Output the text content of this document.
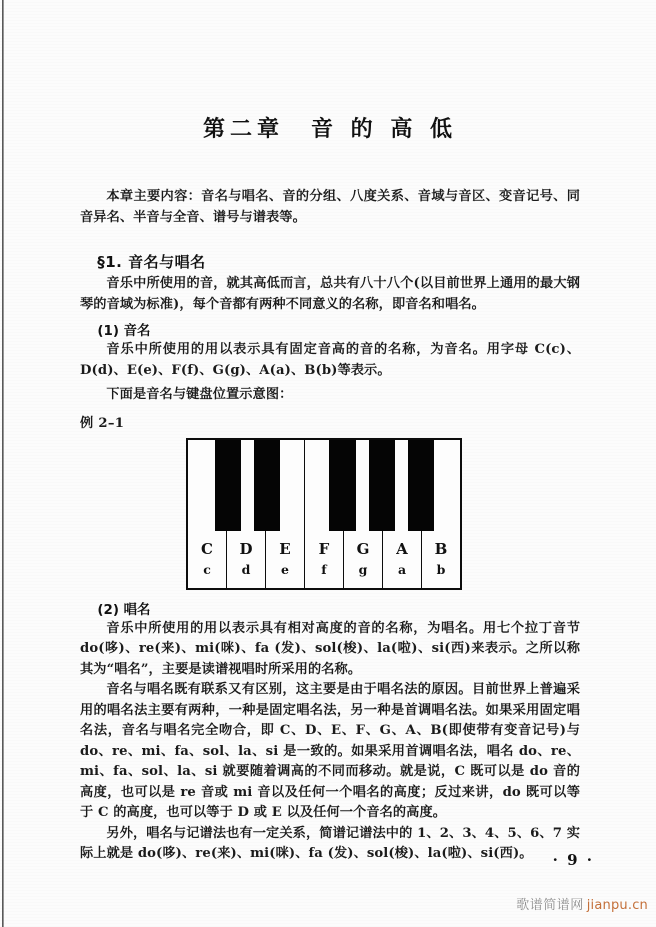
第二章　音 的 高 低

本章主要内容：音名与唱名、音的分组、八度关系、音域与音区、变音记号、同音异名、半音与全音、谱号与谱表等。

§1. 音名与唱名

音乐中所使用的音，就其高低而言，总共有八十八个(以目前世界上通用的最大钢琴的音域为标准)，每个音都有两种不同意义的名称，即音名和唱名。

(1) 音名

音乐中所使用的用以表示具有固定音高的音的名称，为音名。用字母 C(c)、D(d)、E(e)、F(f)、G(g)、A(a)、B(b)等表示。

下面是音名与键盘位置示意图：

例 2–1
C
c
D
d
E
e
F
f
G
g
A
a
B
b
(2) 唱名

音乐中所使用的用以表示具有相对高度的音的名称，为唱名。用七个拉丁音节 do(哆)、re(来)、mi(咪)、fa (发)、sol(梭)、la(啦)、si(西)来表示。之所以称其为“唱名”，主要是读谱视唱时所采用的名称。

音名与唱名既有联系又有区别，这主要是由于唱名法的原因。目前世界上普遍采用的唱名法主要有两种，一种是固定唱名法，另一种是首调唱名法。如果采用固定唱名法，音名与唱名完全吻合，即 C、D、E、F、G、A、B(即使带有变音记号)与 do、re、mi、fa、sol、la、si 是一致的。如果采用首调唱名法，唱名 do、re、mi、fa、sol、la、si 就要随着调高的不同而移动。就是说，C 既可以是 do 音的高度，也可以是 re 音或 mi 音以及任何一个唱名的高度；反过来讲，do 既可以等于 C 的高度，也可以等于 D 或 E 以及任何一个音名的高度。

另外，唱名与记谱法也有一定关系，简谱记谱法中的 1、2、3、4、5、6、7 实际上就是 do(哆)、re(来)、mi(咪)、fa (发)、sol(梭)、la(啦)、si(西)。	· 9 ·
歌谱简谱网 jianpu.cn
